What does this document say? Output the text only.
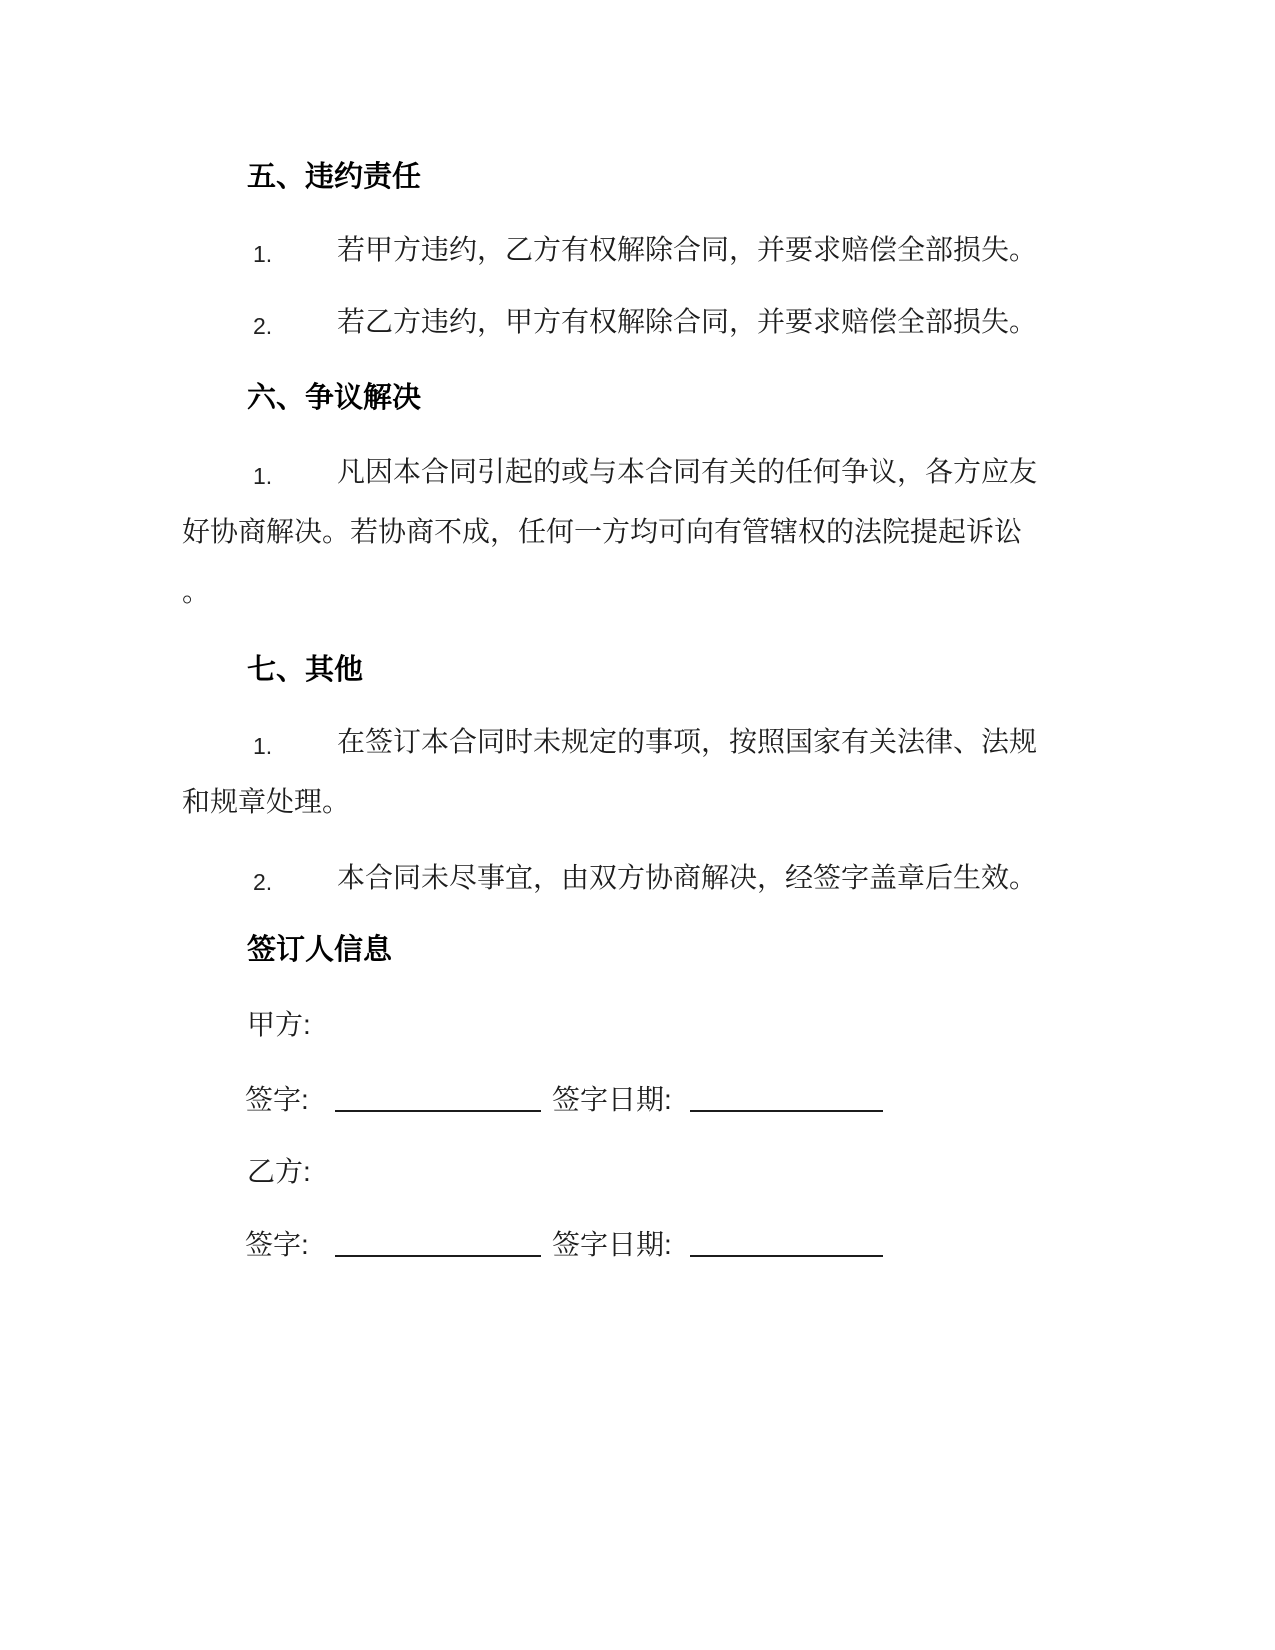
五、违约责任
1. 若甲方违约，乙方有权解除合同，并要求赔偿全部损失。
2. 若乙方违约，甲方有权解除合同，并要求赔偿全部损失。
六、争议解决
1. 凡因本合同引起的或与本合同有关的任何争议，各方应友
好协商解决。若协商不成，任何一方均可向有管辖权的法院提起诉讼
。
七、其他
1. 在签订本合同时未规定的事项，按照国家有关法律、法规
和规章处理。
2. 本合同未尽事宜，由双方协商解决，经签字盖章后生效。
签订人信息
甲方:
签字:	签字日期:
乙方:
签字:	签字日期:
